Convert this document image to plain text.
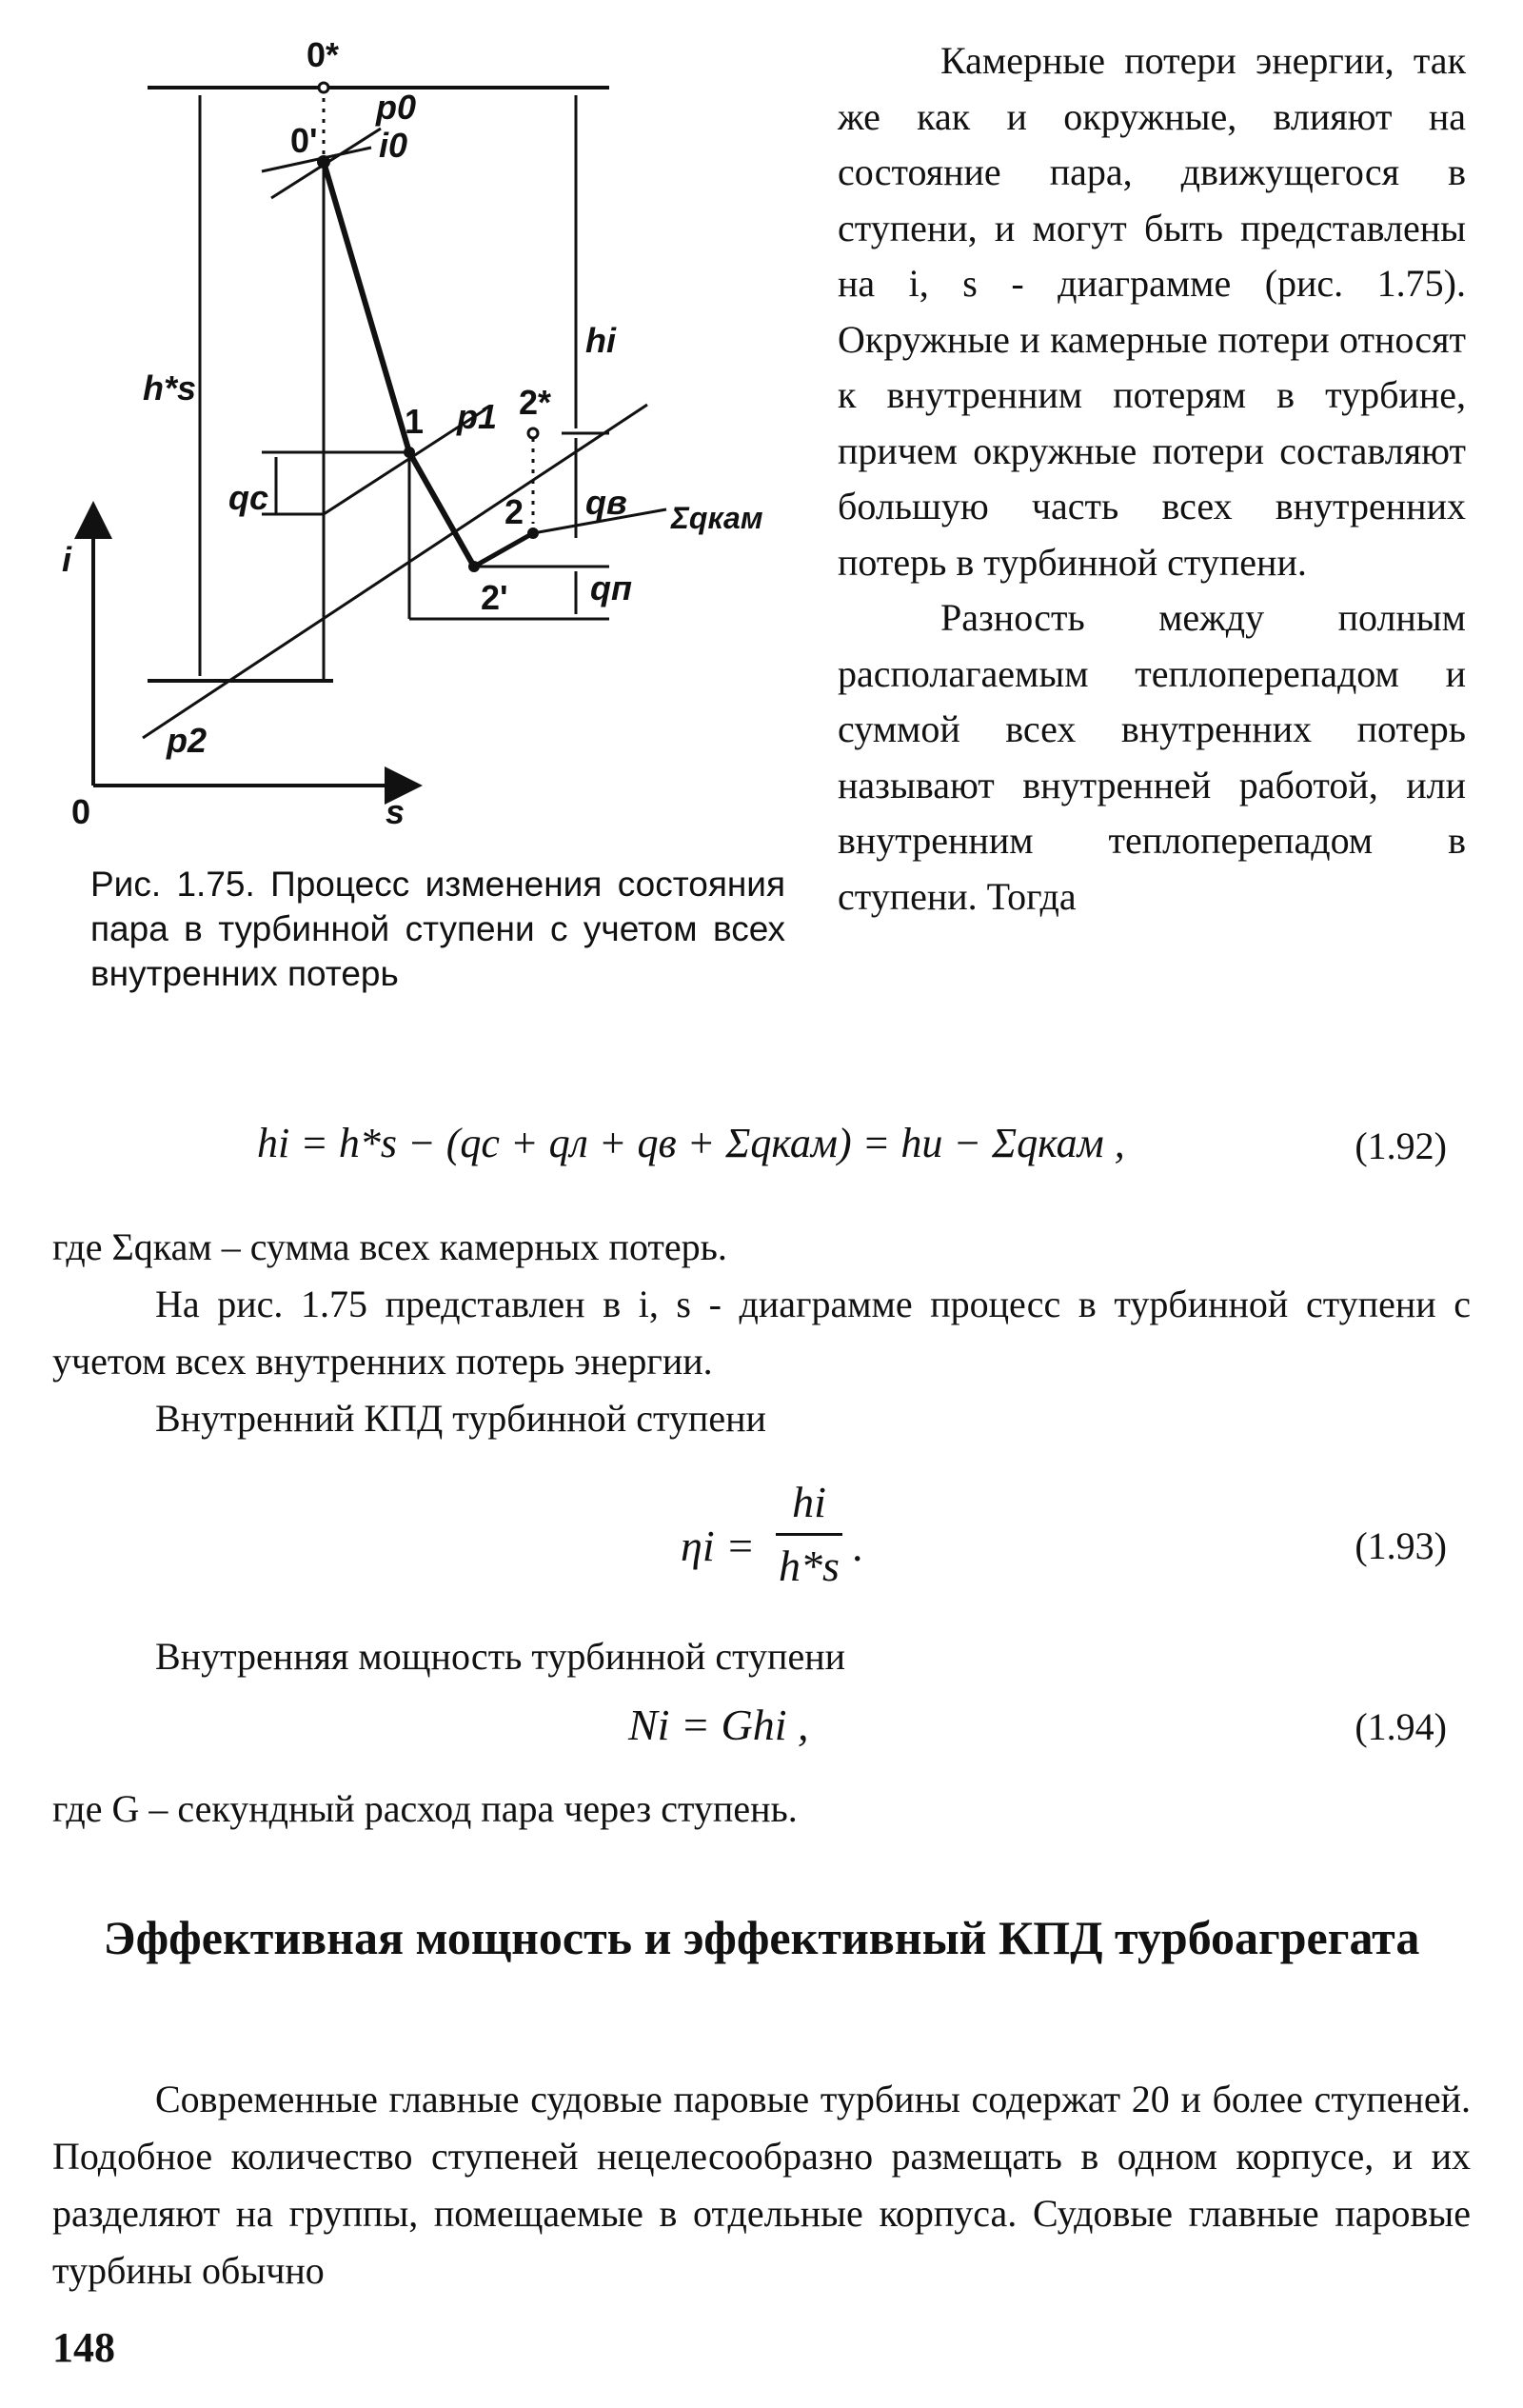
0*
0'
p0
i0
h*s
hi
qc
1 p1 2*
2 qв Σqкам
2' qп
i
p2
0	s
Рис. 1.75. Процесс изменения состояния пара в турбинной ступени с учетом всех внутренних потерь

Камерные потери энергии, так же как и окружные, влияют на состояние пара, движущегося в ступени, и могут быть представлены на i, s - диаграмме (рис. 1.75). Окружные и камерные потери относят к внутренним потерям в турбине, причем окружные потери составляют большую часть всех внутренних потерь в турбинной ступени.

Разность между полным располагаемым теплоперепадом и суммой всех внутренних потерь называют внутренней работой, или внутренним теплоперепадом в ступени. Тогда

hi = h*s − (qc + qл + qв + Σqкам) = hu − Σqкам ,	(1.92)

где Σqкам – сумма всех камерных потерь.

На рис. 1.75 представлен в i, s - диаграмме процесс в турбинной ступени с учетом всех внутренних потерь энергии.

Внутренний КПД турбинной ступени

ηi =
hi
h*s .	(1.93)

Внутренняя мощность турбинной ступени

Ni = Ghi ,	(1.94)

где G – секундный расход пара через ступень.

Эффективная мощность и эффективный КПД турбоагрегата

Современные главные судовые паровые турбины содержат 20 и более ступеней. Подобное количество ступеней нецелесообразно размещать в одном корпусе, и их разделяют на группы, помещаемые в отдельные корпуса. Судовые главные паровые турбины обычно

148
